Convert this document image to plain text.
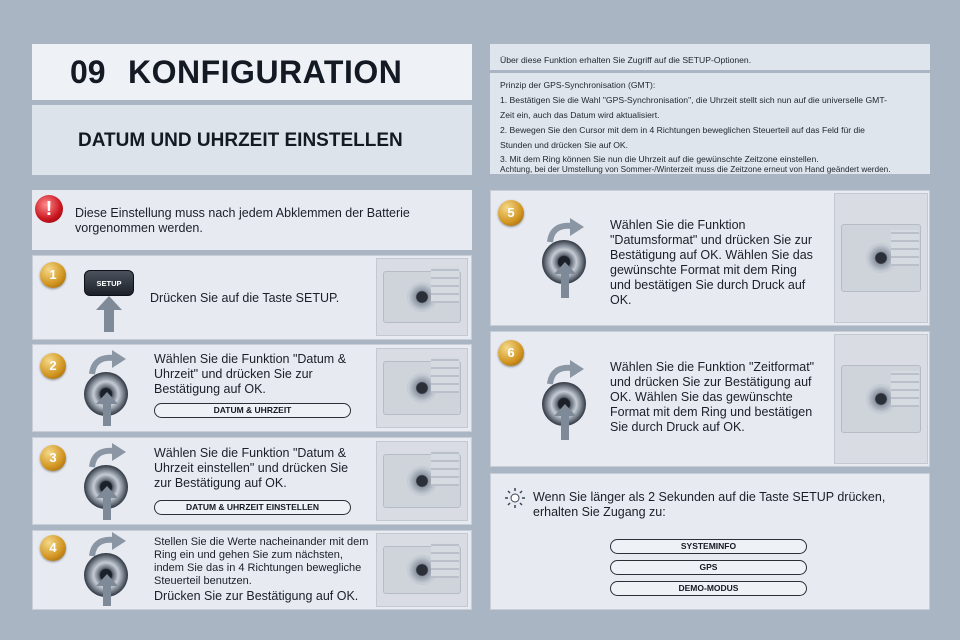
09 KONFIGURATION
DATUM UND UHRZEIT EINSTELLEN
Über diese Funktion erhalten Sie Zugriff auf die SETUP-Optionen.
Prinzip der GPS-Synchronisation (GMT):
1. Bestätigen Sie die Wahl "GPS-Synchronisation", die Uhrzeit stellt sich nun auf die universelle GMT-
Zeit ein, auch das Datum wird aktualisiert.
2. Bewegen Sie den Cursor mit dem in 4 Richtungen beweglichen Steuerteil auf das Feld für die
Stunden und drücken Sie auf OK.
3. Mit dem Ring können Sie nun die Uhrzeit auf die gewünschte Zeitzone einstellen.
Achtung, bei der Umstellung von Sommer-/Winterzeit muss die Zeitzone erneut von Hand geändert werden.
!	Diese Einstellung muss nach jedem Abklemmen der Batterie vorgenommen werden.
1
SETUP
Drücken Sie auf die Taste SETUP.
2	Wählen Sie die Funktion "Datum & Uhrzeit" und drücken Sie zur Bestätigung auf OK.
DATUM & UHRZEIT
3	Wählen Sie die Funktion "Datum & Uhrzeit einstellen" und drücken Sie zur Bestätigung auf OK.
DATUM & UHRZEIT EINSTELLEN
4	Stellen Sie die Werte nacheinander mit dem Ring ein und gehen Sie zum nächsten, indem Sie das in 4 Richtungen bewegliche Steuerteil benutzen.
Drücken Sie zur Bestätigung auf OK.
5
Wählen Sie die Funktion "Datumsformat" und drücken Sie zur Bestätigung auf OK. Wählen Sie das gewünschte Format mit dem Ring und bestätigen Sie durch Druck auf OK.
6
Wählen Sie die Funktion "Zeitformat" und drücken Sie zur Bestätigung auf OK. Wählen Sie das gewünschte Format mit dem Ring und bestätigen Sie durch Druck auf OK.
Wenn Sie länger als 2 Sekunden auf die Taste SETUP drücken, erhalten Sie Zugang zu:
SYSTEMINFO
GPS
DEMO-MODUS
